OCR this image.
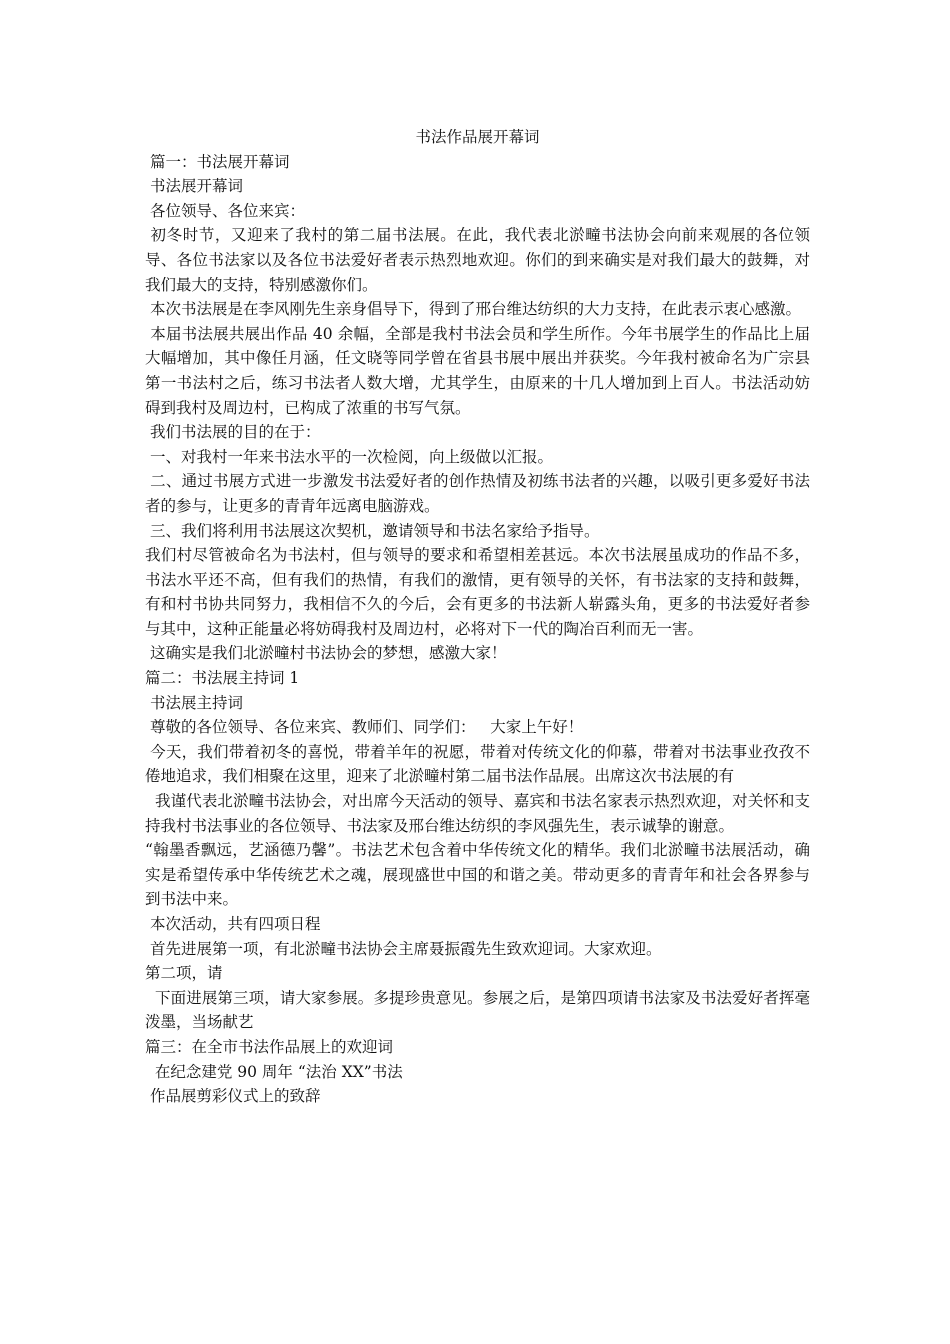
书法作品展开幕词

篇一：书法展开幕词

书法展开幕词

各位领导、各位来宾：

初冬时节，又迎来了我村的第二届书法展。在此，我代表北淤疃书法协会向前来观展的各位领导、各位书法家以及各位书法爱好者表示热烈地欢迎。你们的到来确实是对我们最大的鼓舞，对我们最大的支持，特别感激你们。

本次书法展是在李风刚先生亲身倡导下，得到了邢台维达纺织的大力支持，在此表示衷心感激。

本届书法展共展出作品 40 余幅，全部是我村书法会员和学生所作。今年书展学生的作品比上届大幅增加，其中像任月涵，任文晓等同学曾在省县书展中展出并获奖。今年我村被命名为广宗县第一书法村之后，练习书法者人数大增，尤其学生，由原来的十几人增加到上百人。书法活动妨碍到我村及周边村，已构成了浓重的书写气氛。

我们书法展的目的在于：

一、对我村一年来书法水平的一次检阅，向上级做以汇报。

二、通过书展方式进一步激发书法爱好者的创作热情及初练书法者的兴趣，以吸引更多爱好书法者的参与，让更多的青青年远离电脑游戏。

三、我们将利用书法展这次契机，邀请领导和书法名家给予指导。

我们村尽管被命名为书法村，但与领导的要求和希望相差甚远。本次书法展虽成功的作品不多，书法水平还不高，但有我们的热情，有我们的激情，更有领导的关怀，有书法家的支持和鼓舞，有和村书协共同努力，我相信不久的今后，会有更多的书法新人崭露头角，更多的书法爱好者参与其中，这种正能量必将妨碍我村及周边村，必将对下一代的陶冶百利而无一害。

这确实是我们北淤疃村书法协会的梦想，感激大家！

篇二：书法展主持词 1

书法展主持词

尊敬的各位领导、各位来宾、教师们、同学们：   大家上午好！

今天，我们带着初冬的喜悦，带着羊年的祝愿，带着对传统文化的仰慕，带着对书法事业孜孜不倦地追求，我们相聚在这里，迎来了北淤疃村第二届书法作品展。出席这次书法展的有

我谨代表北淤疃书法协会，对出席今天活动的领导、嘉宾和书法名家表示热烈欢迎，对关怀和支持我村书法事业的各位领导、书法家及邢台维达纺织的李风强先生，表示诚挚的谢意。

“翰墨香飘远，艺涵德乃馨”。书法艺术包含着中华传统文化的精华。我们北淤疃书法展活动，确实是希望传承中华传统艺术之魂，展现盛世中国的和谐之美。带动更多的青青年和社会各界参与到书法中来。

本次活动，共有四项日程

首先进展第一项，有北淤疃书法协会主席聂振霞先生致欢迎词。大家欢迎。

第二项，请

下面进展第三项，请大家参展。多提珍贵意见。参展之后，是第四项请书法家及书法爱好者挥毫泼墨，当场献艺

篇三：在全市书法作品展上的欢迎词

在纪念建党 90 周年 “法治 XX”书法

作品展剪彩仪式上的致辞
